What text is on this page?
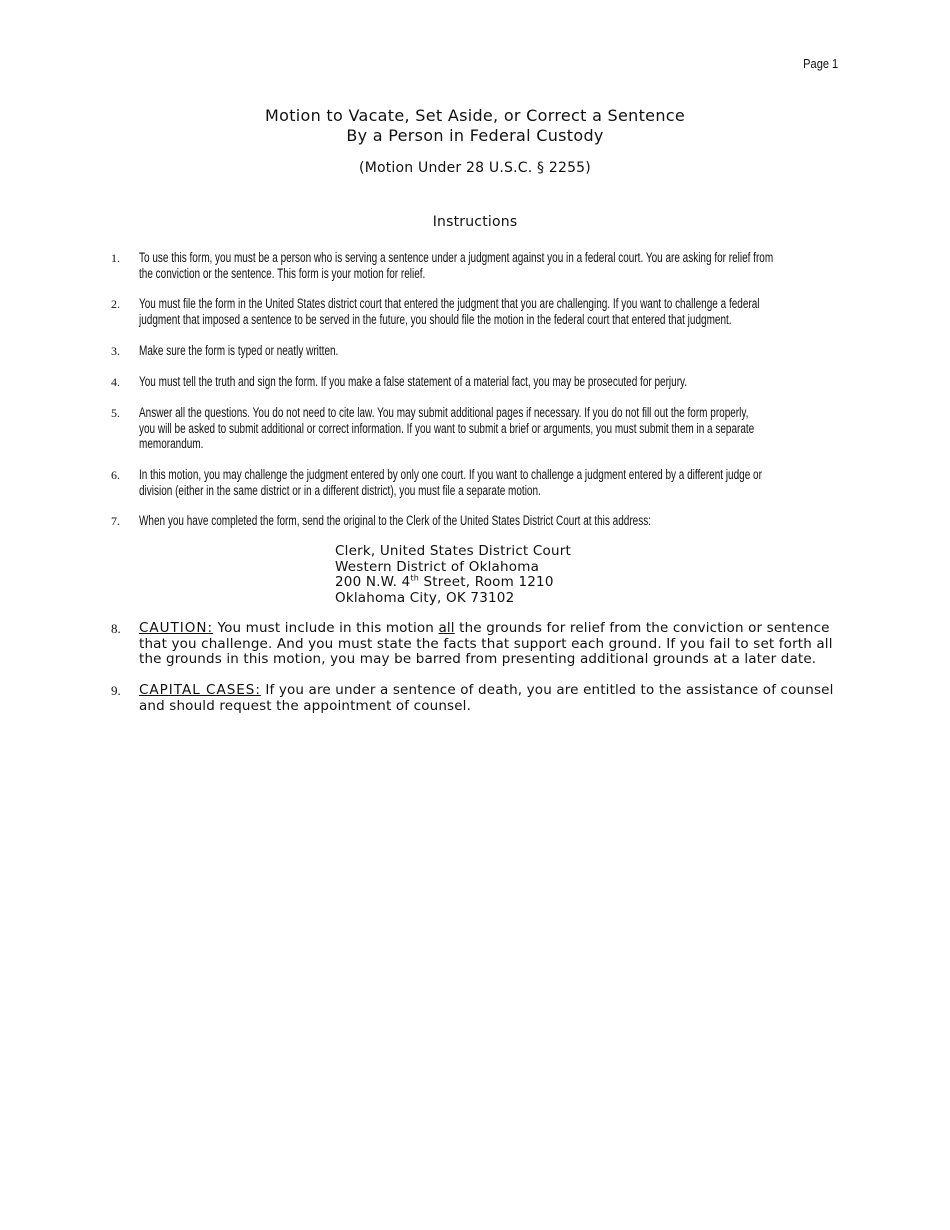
Page 1
Motion to Vacate, Set Aside, or Correct a Sentence
By a Person in Federal Custody
(Motion Under 28 U.S.C. § 2255)
Instructions
1.	To use this form, you must be a person who is serving a sentence under a judgment against you in a federal court. You are asking for relief from
the conviction or the sentence. This form is your motion for relief.
2.	You must file the form in the United States district court that entered the judgment that you are challenging. If you want to challenge a federal
judgment that imposed a sentence to be served in the future, you should file the motion in the federal court that entered that judgment.
3.	Make sure the form is typed or neatly written.
4.	You must tell the truth and sign the form. If you make a false statement of a material fact, you may be prosecuted for perjury.
5.	Answer all the questions. You do not need to cite law. You may submit additional pages if necessary. If you do not fill out the form properly,
you will be asked to submit additional or correct information. If you want to submit a brief or arguments, you must submit them in a separate
memorandum.
6.	In this motion, you may challenge the judgment entered by only one court. If you want to challenge a judgment entered by a different judge or
division (either in the same district or in a different district), you must file a separate motion.
7.	When you have completed the form, send the original to the Clerk of the United States District Court at this address:
Clerk, United States District Court
Western District of Oklahoma
200 N.W. 4th Street, Room 1210
Oklahoma City, OK 73102
8.	CAUTION: You must include in this motion all the grounds for relief from the conviction or sentence that you challenge. And you must state the facts that support each ground. If you fail to set forth all the grounds in this motion, you may be barred from presenting additional grounds at a later date.
9.	CAPITAL CASES: If you are under a sentence of death, you are entitled to the assistance of counsel and should request the appointment of counsel.
